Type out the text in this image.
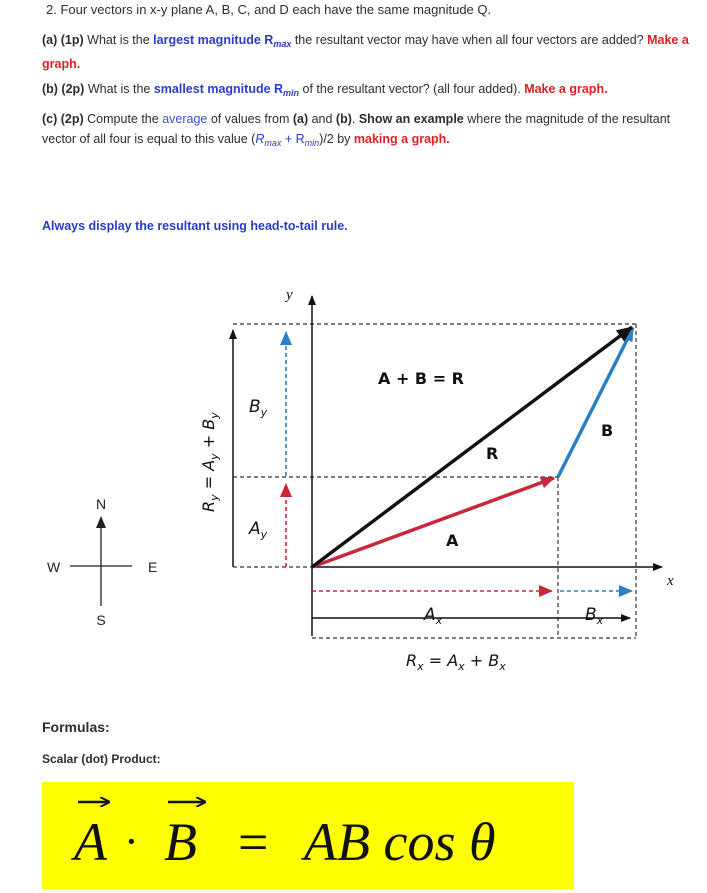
2. Four vectors in x-y plane A, B, C, and D each have the same magnitude Q.
(a) (1p) What is the largest magnitude $R_{max}$ the resultant vector may have when all four vectors are added? Make a graph.
(b) (2p) What is the smallest magnitude $R_{min}$ of the resultant vector? (all four added). Make a graph.
(c) (2p) Compute the average of values from (a) and (b). Show an example where the magnitude of the resultant vector of all four is equal to this value $(R_{max} + R_{min})/2$ by making a graph.
Always display the resultant using head-to-tail rule.
N
S
E
W
y
x
A + B = R
A
B
R
$A_x$	$B_x$
$A_y$
$B_y$
$R_x = A_x + B_x$
$R_y = A_y + B_y$
Formulas:
Scalar (dot) Product:
A · B = AB cos θ
